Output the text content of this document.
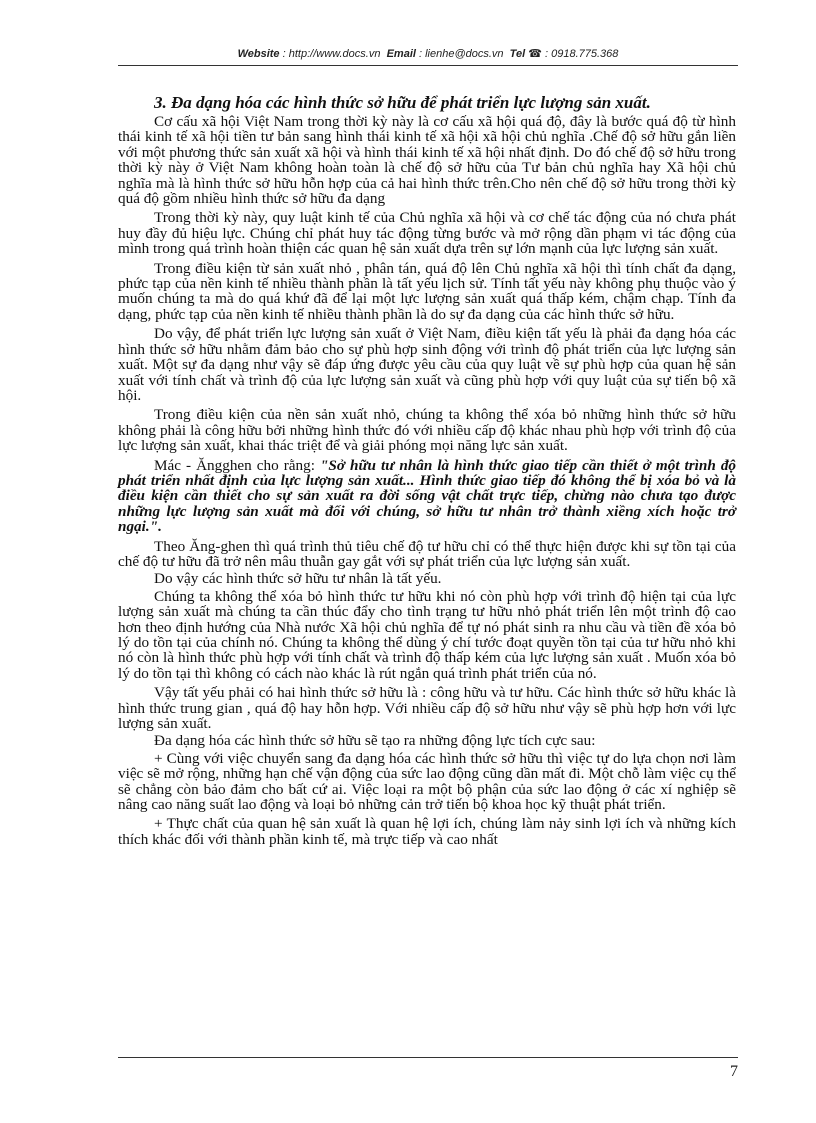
Website : http://www.docs.vn Email : lienhe@docs.vn Tel ☎ : 0918.775.368
3. Đa dạng hóa các hình thức sở hữu để phát triển lực lượng sản xuất.

Cơ cấu xã hội Việt Nam trong thời kỳ này là cơ cấu xã hội quá độ, đây là bước quá độ từ hình thái kinh tế xã hội tiền tư bản sang hình thái kinh tế xã hội xã hội chủ nghĩa .Chế độ sở hữu gắn liền với một phương thức sản xuất xã hội và hình thái kinh tế xã hội nhất định. Do đó chế độ sở hữu trong thời kỳ này ở Việt Nam không hoàn toàn là chế độ sở hữu của Tư bản chủ nghĩa hay Xã hội chủ nghĩa mà là hình thức sở hữu hỗn hợp của cả hai hình thức trên.Cho nên chế độ sở hữu trong thời kỳ quá độ gồm nhiều hình thức sở hữu đa dạng

Trong thời kỳ này, quy luật kinh tế của Chủ nghĩa xã hội và cơ chế tác động của nó chưa phát huy đầy đủ hiệu lực. Chúng chỉ phát huy tác động từng bước và mở rộng dần phạm vi tác động của mình trong quá trình hoàn thiện các quan hệ sản xuất dựa trên sự lớn mạnh của lực lượng sản xuất.

Trong điều kiện từ sản xuất nhỏ , phân tán, quá độ lên Chủ nghĩa xã hội thì tính chất đa dạng, phức tạp của nền kinh tế nhiều thành phần là tất yếu lịch sử. Tính tất yếu này không phụ thuộc vào ý muốn chúng ta mà do quá khứ đã để lại một lực lượng sản xuất quá thấp kém, chậm chạp. Tính đa dạng, phức tạp của nền kinh tế nhiều thành phần là do sự đa dạng của các hình thức sở hữu.

Do vậy, để phát triển lực lượng sản xuất ở Việt Nam, điều kiện tất yếu là phải đa dạng hóa các hình thức sở hữu nhằm đảm bảo cho sự phù hợp sinh động với trình độ phát triển của lực lượng sản xuất. Một sự đa dạng như vậy sẽ đáp ứng được yêu cầu của quy luật về sự phù hợp của quan hệ sản xuất với tính chất và trình độ của lực lượng sản xuất và cũng phù hợp với quy luật của sự tiến bộ xã hội.

Trong điều kiện của nền sản xuất nhỏ, chúng ta không thể xóa bỏ những hình thức sở hữu không phải là công hữu bởi những hình thức đó với nhiều cấp độ khác nhau phù hợp với trình độ của lực lượng sản xuất, khai thác triệt để và giải phóng mọi năng lực sản xuất.

Mác - Ăngghen cho rằng: "Sở hữu tư nhân là hình thức giao tiếp cần thiết ở một trình độ phát triển nhất định của lực lượng sản xuất... Hình thức giao tiếp đó không thể bị xóa bỏ và là điều kiện cần thiết cho sự sản xuất ra đời sống vật chất trực tiếp, chừng nào chưa tạo được những lực lượng sản xuất mà đối với chúng, sở hữu tư nhân trở thành xiềng xích hoặc trở ngại.".

Theo Ăng-ghen thì quá trình thủ tiêu chế độ tư hữu chỉ có thể thực hiện được khi sự tồn tại của chế độ tư hữu đã trở nên mâu thuẫn gay gắt với sự phát triển của lực lượng sản xuất.

Do vậy các hình thức sở hữu tư nhân là tất yếu.

Chúng ta không thể xóa bỏ hình thức tư hữu khi nó còn phù hợp với trình độ hiện tại của lực lượng sản xuất mà chúng ta cần thúc đẩy cho tình trạng tư hữu nhỏ phát triển lên một trình độ cao hơn theo định hướng của Nhà nước Xã hội chủ nghĩa để tự nó phát sinh ra nhu cầu và tiền đề xóa bỏ lý do tồn tại của chính nó. Chúng ta không thể dùng ý chí tước đoạt quyền tồn tại của tư hữu nhỏ khi nó còn là hình thức phù hợp với tính chất và trình độ thấp kém của lực lượng sản xuất . Muốn xóa bỏ lý do tồn tại thì không có cách nào khác là rút ngắn quá trình phát triển của nó.

Vậy tất yếu phải có hai hình thức sở hữu là : công hữu và tư hữu. Các hình thức sở hữu khác là hình thức trung gian , quá độ hay hỗn hợp. Với nhiều cấp độ sở hữu như vậy sẽ phù hợp hơn với lực lượng sản xuất.

Đa dạng hóa các hình thức sở hữu sẽ tạo ra những động lực tích cực sau:

+ Cùng với việc chuyển sang đa dạng hóa các hình thức sở hữu thì việc tự do lựa chọn nơi làm việc sẽ mở rộng, những hạn chế vận động của sức lao động cũng dần mất đi. Một chỗ làm việc cụ thể sẽ chẳng còn bảo đảm cho bất cứ ai. Việc loại ra một bộ phận của sức lao động ở các xí nghiệp sẽ nâng cao năng suất lao động và loại bỏ những cản trở tiến bộ khoa học kỹ thuật phát triển.

+ Thực chất của quan hệ sản xuất là quan hệ lợi ích, chúng làm nảy sinh lợi ích và những kích thích khác đối với thành phần kinh tế, mà trực tiếp và cao nhất

7
